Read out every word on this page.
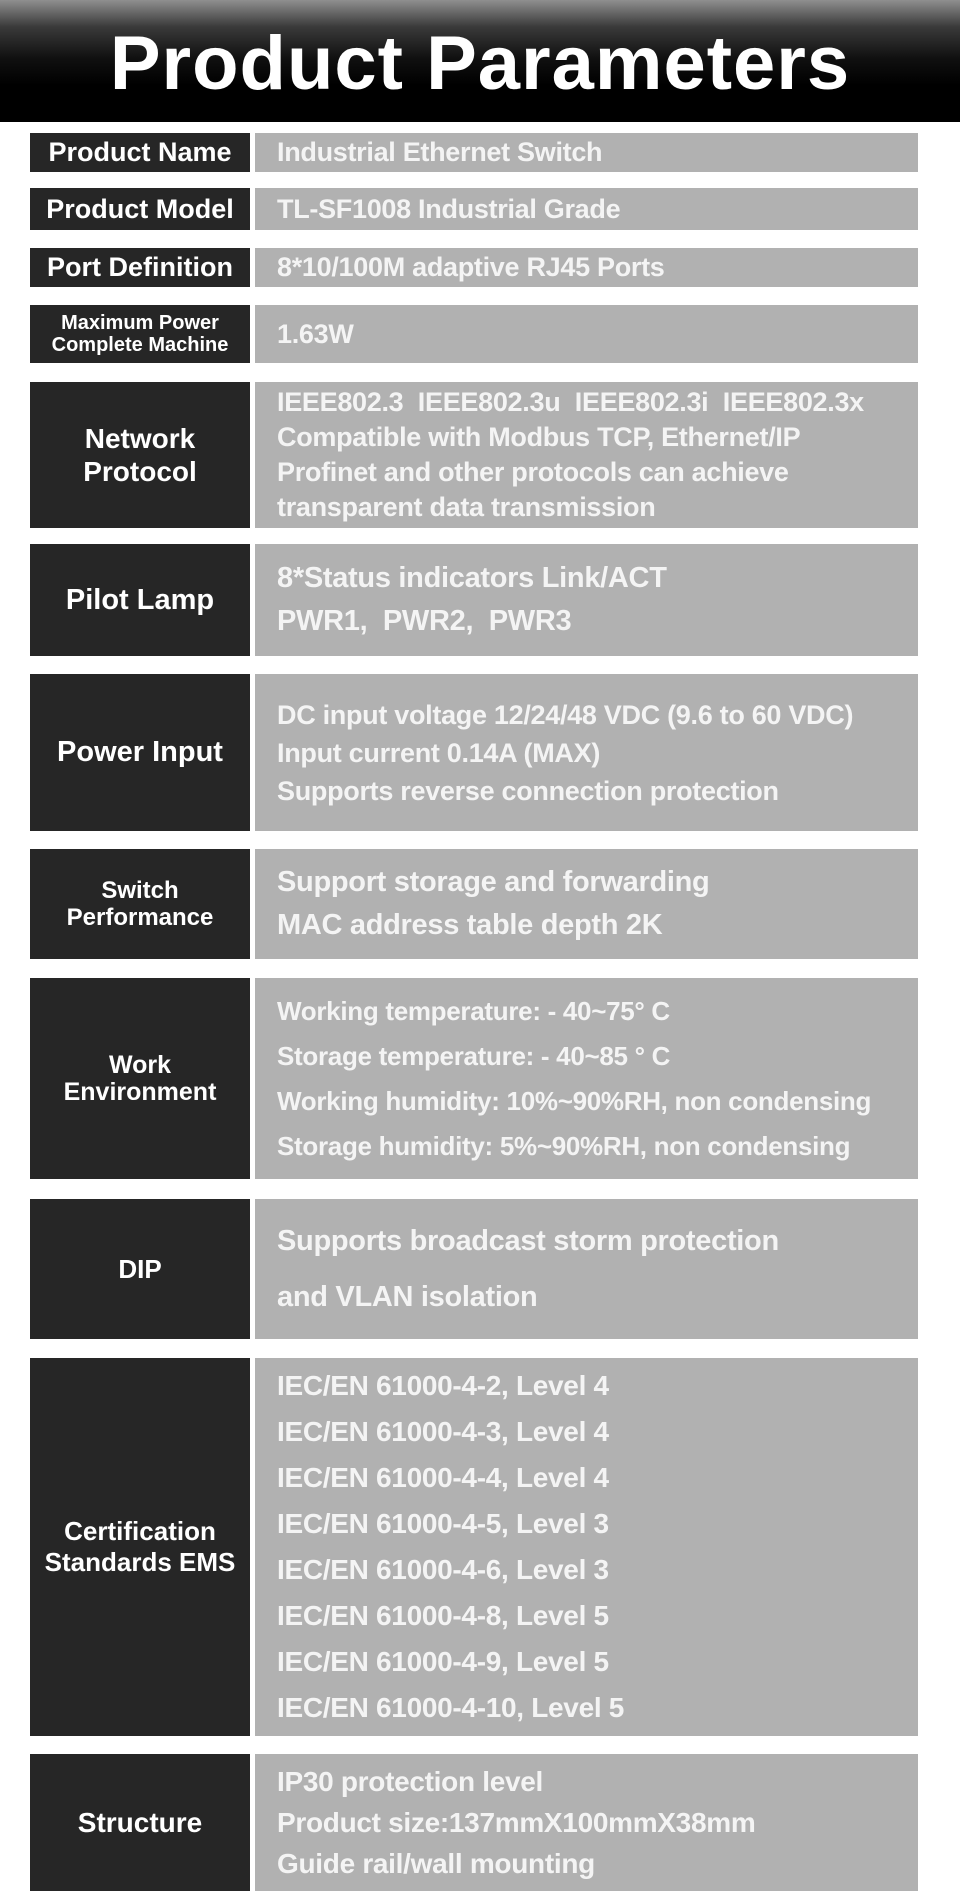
Product Parameters
Product Name Industrial Ethernet Switch
Product Model TL-SF1008 Industrial Grade
Port Definition 8*10/100M adaptive RJ45 Ports
Maximum Power
Complete Machine 1.63W
Network
Protocol
IEEE802.3  IEEE802.3u  IEEE802.3i  IEEE802.3x
Compatible with Modbus TCP, Ethernet/IP
Profinet and other protocols can achieve
transparent data transmission
Pilot Lamp
8*Status indicators Link/ACT
PWR1,  PWR2,  PWR3
Power Input
DC input voltage 12/24/48 VDC (9.6 to 60 VDC)
Input current 0.14A (MAX)
Supports reverse connection protection
Switch
Performance
Support storage and forwarding
MAC address table depth 2K
Work
Environment
Working temperature: - 40~75° C
Storage temperature: - 40~85 ° C
Working humidity: 10%~90%RH, non condensing
Storage humidity: 5%~90%RH, non condensing
DIP
Supports broadcast storm protection
and VLAN isolation
Certification
Standards EMS
IEC/EN 61000-4-2, Level 4
IEC/EN 61000-4-3, Level 4
IEC/EN 61000-4-4, Level 4
IEC/EN 61000-4-5, Level 3
IEC/EN 61000-4-6, Level 3
IEC/EN 61000-4-8, Level 5
IEC/EN 61000-4-9, Level 5
IEC/EN 61000-4-10, Level 5
Structure
IP30 protection level
Product size:137mmX100mmX38mm
Guide rail/wall mounting
